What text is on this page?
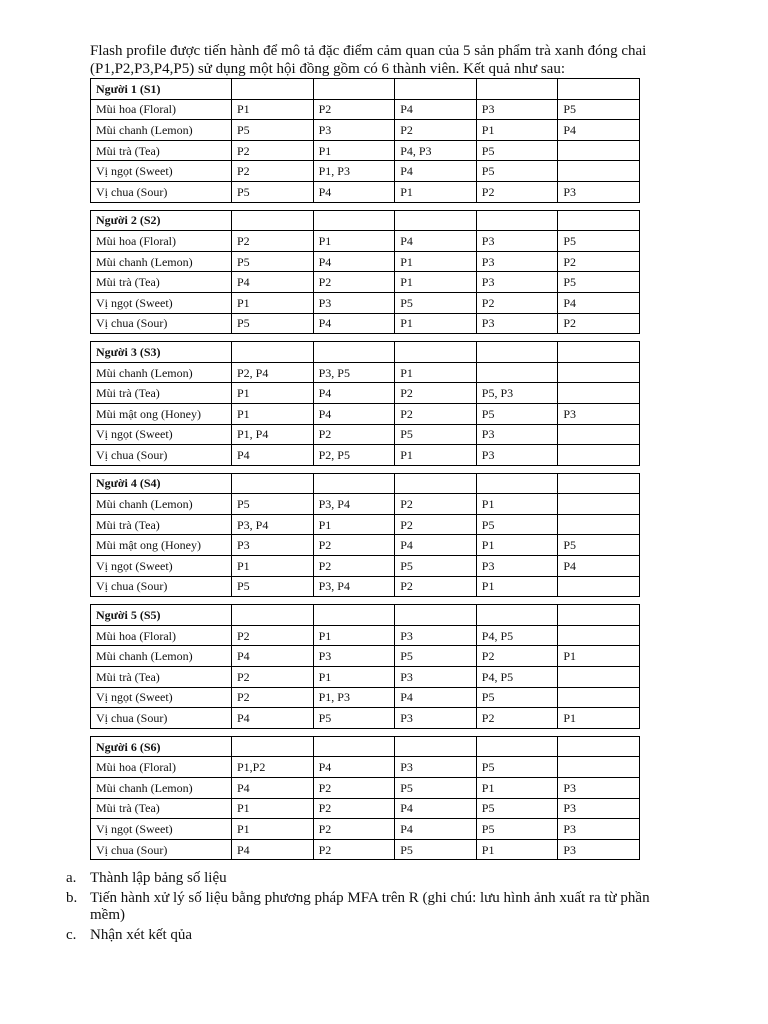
Flash profile được tiến hành để mô tả đặc điểm cảm quan của 5 sản phẩm trà xanh đóng chai

(P1,P2,P3,P4,P5) sử dụng một hội đồng gồm có 6 thành viên. Kết quả như sau:

Người 1 (S1)					
Mùi hoa (Floral)	P1	P2	P4	P3	P5
Mùi chanh (Lemon)	P5	P3	P2	P1	P4
Mùi trà (Tea)	P2	P1	P4, P3	P5	
Vị ngọt (Sweet)	P2	P1, P3	P4	P5	
Vị chua (Sour)	P5	P4	P1	P2	P3
Người 2 (S2)					
Mùi hoa (Floral)	P2	P1	P4	P3	P5
Mùi chanh (Lemon)	P5	P4	P1	P3	P2
Mùi trà (Tea)	P4	P2	P1	P3	P5
Vị ngọt (Sweet)	P1	P3	P5	P2	P4
Vị chua (Sour)	P5	P4	P1	P3	P2
Người 3 (S3)					
Mùi chanh (Lemon)	P2, P4	P3, P5	P1		
Mùi trà (Tea)	P1	P4	P2	P5, P3	
Mùi mật ong (Honey)	P1	P4	P2	P5	P3
Vị ngọt (Sweet)	P1, P4	P2	P5	P3	
Vị chua (Sour)	P4	P2, P5	P1	P3	
Người 4 (S4)					
Mùi chanh (Lemon)	P5	P3, P4	P2	P1	
Mùi trà (Tea)	P3, P4	P1	P2	P5	
Mùi mật ong (Honey)	P3	P2	P4	P1	P5
Vị ngọt (Sweet)	P1	P2	P5	P3	P4
Vị chua (Sour)	P5	P3, P4	P2	P1	
Người 5 (S5)					
Mùi hoa (Floral)	P2	P1	P3	P4, P5	
Mùi chanh (Lemon)	P4	P3	P5	P2	P1
Mùi trà (Tea)	P2	P1	P3	P4, P5	
Vị ngọt (Sweet)	P2	P1, P3	P4	P5	
Vị chua (Sour)	P4	P5	P3	P2	P1
Người 6 (S6)					
Mùi hoa (Floral)	P1,P2	P4	P3	P5	
Mùi chanh (Lemon)	P4	P2	P5	P1	P3
Mùi trà (Tea)	P1	P2	P4	P5	P3
Vị ngọt (Sweet)	P1	P2	P4	P5	P3
Vị chua (Sour)	P4	P2	P5	P1	P3
a. Thành lập bảng số liệu
b. Tiến hành xử lý số liệu bằng phương pháp MFA trên R (ghi chú: lưu hình ảnh xuất ra từ phần mềm)
c. Nhận xét kết qủa
